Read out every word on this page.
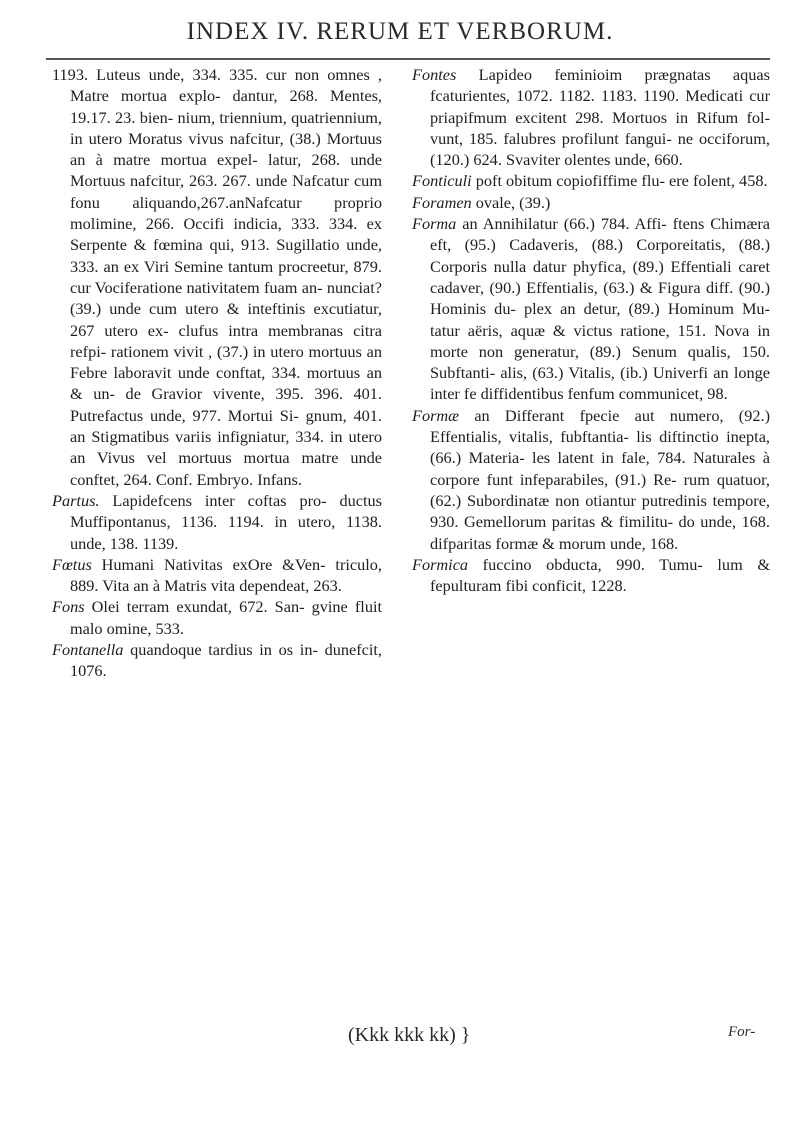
INDEX IV. RERUM ET VERBORUM.

1193. Luteus unde, 334. 335. cur non omnes , Matre mortua explo- dantur, 268. Mentes, 19.17. 23. bien- nium, triennium, quatriennium, in utero Moratus vivus nafcitur, (38.) Mortuus an à matre mortua expel- latur, 268. unde Mortuus nafcitur, 263. 267. unde Nafcatur cum fonu aliquando,267.anNafcatur proprio molimine, 266. Occifi indicia, 333. 334. ex Serpente & fœmina qui, 913. Sugillatio unde, 333. an ex Viri Semine tantum procreetur, 879. cur Vociferatione nativitatem fuam an- nunciat? (39.) unde cum utero & inteftinis excutiatur, 267 utero ex- clufus intra membranas citra refpi- rationem vivit , (37.) in utero mortuus an Febre laboravit unde conftat, 334. mortuus an & un- de Gravior vivente, 395. 396. 401. Putrefactus unde, 977. Mortui Si- gnum, 401. an Stigmatibus variis infigniatur, 334. in utero an Vivus vel mortuus mortua matre unde conftet, 264. Conf. Embryo. Infans.

Partus. Lapidefcens inter coftas pro- ductus Muffipontanus, 1136. 1194. in utero, 1138. unde, 138. 1139.

Fœtus Humani Nativitas exOre &Ven- triculo, 889. Vita an à Matris vita dependeat, 263.

Fons Olei terram exundat, 672. San- gvine fluit malo omine, 533.

Fontanella quandoque tardius in os in- dunefcit, 1076.

Fontes Lapideo feminioim prægnatas aquas fcaturientes, 1072. 1182. 1183. 1190. Medicati cur priapifmum excitent 298. Mortuos in Rifum fol- vunt, 185. falubres profilunt fangui- ne occiforum, (120.) 624. Svaviter olentes unde, 660.

Fonticuli poft obitum copiofiffime flu- ere folent, 458.

Foramen ovale, (39.)

Forma an Annihilatur (66.) 784. Affi- ftens Chimæra eft, (95.) Cadaveris, (88.) Corporeitatis, (88.) Corporis nulla datur phyfica, (89.) Effentiali caret cadaver, (90.) Effentialis, (63.) & Figura diff. (90.) Hominis du- plex an detur, (89.) Hominum Mu- tatur aëris, aquæ & victus ratione, 151. Nova in morte non generatur, (89.) Senum qualis, 150. Subftanti- alis, (63.) Vitalis, (ib.) Univerfi an longe inter fe diffidentibus fenfum communicet, 98.

Formæ an Differant fpecie aut numero, (92.) Effentialis, vitalis, fubftantia- lis diftinctio inepta, (66.) Materia- les latent in fale, 784. Naturales à corpore funt infeparabiles, (91.) Re- rum quatuor, (62.) Subordinatæ non otiantur putredinis tempore, 930. Gemellorum paritas & fimilitu- do unde, 168. difparitas formæ & morum unde, 168.

Formica fuccino obducta, 990. Tumu- lum & fepulturam fibi conficit, 1228.

(Kkk kkk kk) }	For-
